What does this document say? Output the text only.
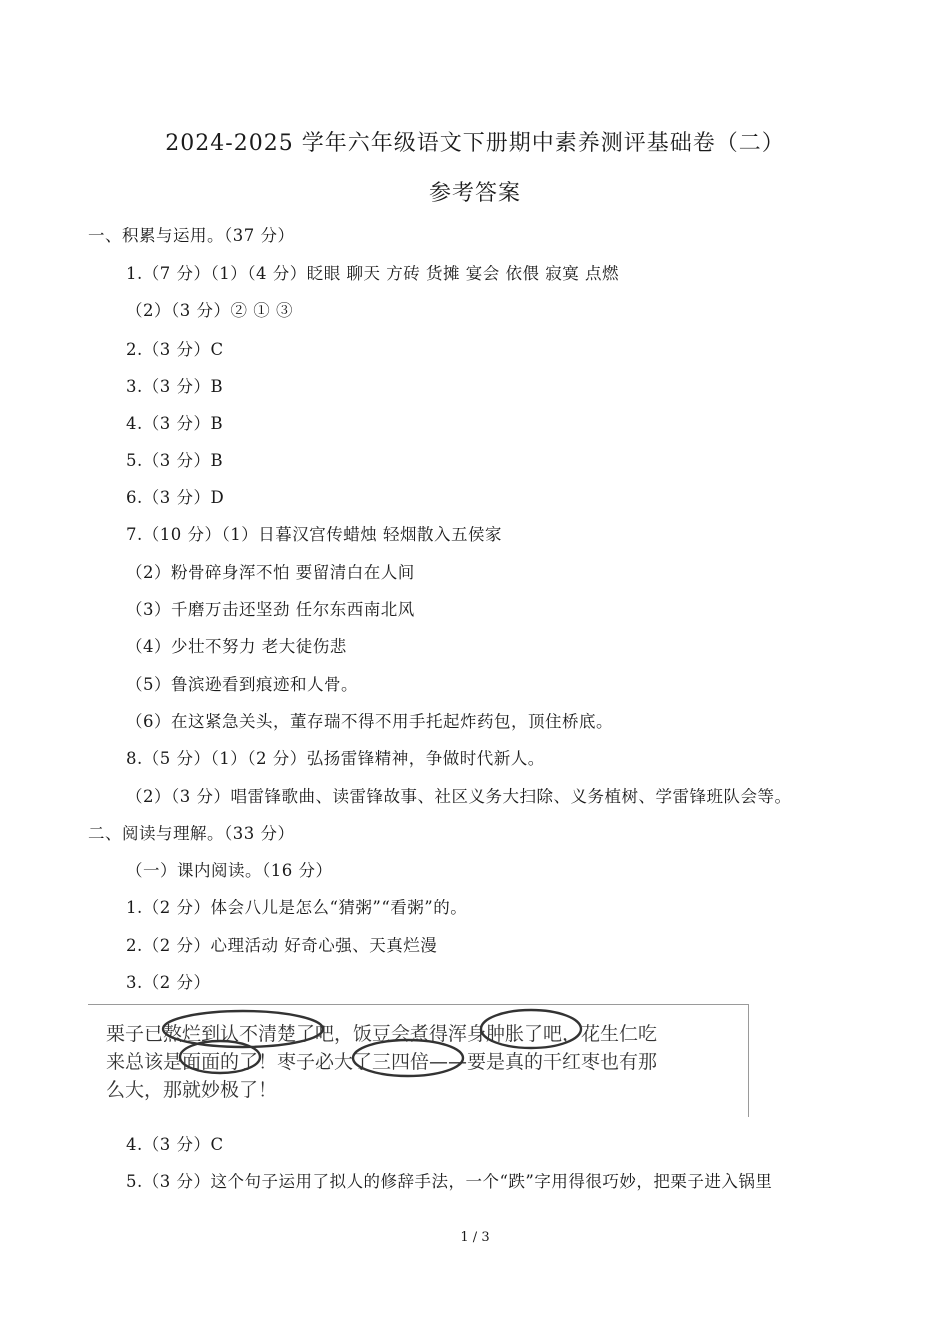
2024-2025 学年六年级语文下册期中素养测评基础卷（二）
参考答案
一、积累与运用。（37 分）
1.（7 分）（1）（4 分）眨眼 聊天 方砖 货摊 宴会 依偎 寂寞 点燃
（2）（3 分）② ① ③
2.（3 分）C
3.（3 分）B
4.（3 分）B
5.（3 分）B
6.（3 分）D
7.（10 分）（1）日暮汉宫传蜡烛 轻烟散入五侯家
（2）粉骨碎身浑不怕 要留清白在人间
（3）千磨万击还坚劲 任尔东西南北风
（4）少壮不努力 老大徒伤悲
（5）鲁滨逊看到痕迹和人骨。
（6）在这紧急关头，董存瑞不得不用手托起炸药包，顶住桥底。
8.（5 分）（1）（2 分）弘扬雷锋精神，争做时代新人。
（2）（3 分）唱雷锋歌曲、读雷锋故事、社区义务大扫除、义务植树、学雷锋班队会等。
二、阅读与理解。（33 分）
（一）课内阅读。（16 分）
1.（2 分）体会八儿是怎么“猜粥”“看粥”的。
2.（2 分）心理活动 好奇心强、天真烂漫
3.（2 分）
4.（3 分）C
5.（3 分）这个句子运用了拟人的修辞手法，一个“跌”字用得很巧妙，把栗子进入锅里
栗子已熬烂到认不清楚了吧，饭豆会煮得浑身肿胀了吧，花生仁吃
来总该是面面的了！枣子必大了三四倍——要是真的干红枣也有那
么大，那就妙极了！
1 / 3
